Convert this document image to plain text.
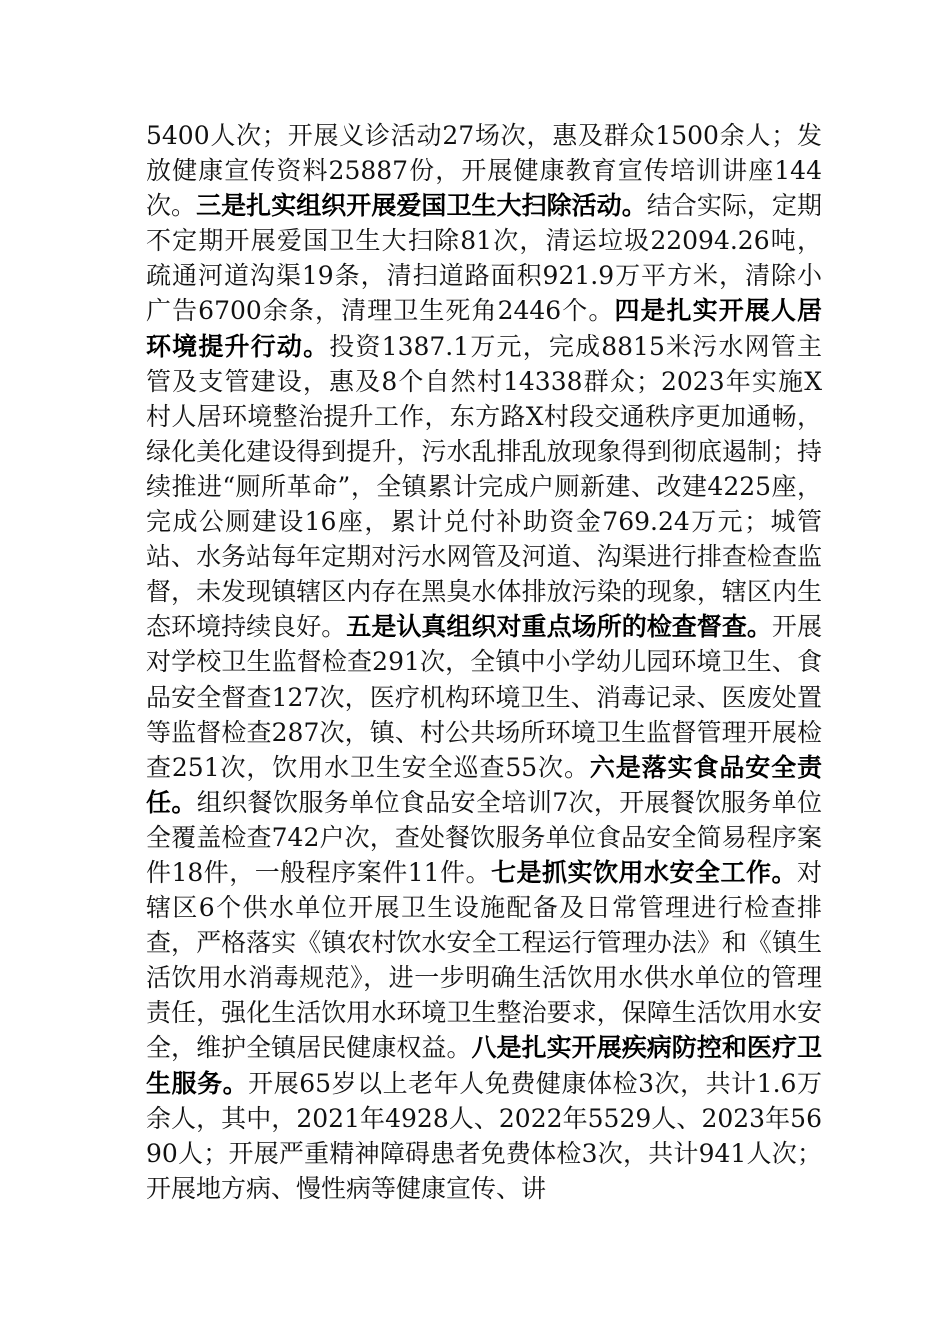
5400人次；开展义诊活动27场次，惠及群众1500余人；发放健康宣传资料25887份，开展健康教育宣传培训讲座144次。三是扎实组织开展爱国卫生大扫除活动。结合实际，定期不定期开展爱国卫生大扫除81次，清运垃圾22094.26吨，疏通河道沟渠19条，清扫道路面积921.9万平方米，清除小广告6700余条，清理卫生死角2446个。四是扎实开展人居环境提升行动。投资1387.1万元，完成8815米污水网管主管及支管建设，惠及8个自然村14338群众；2023年实施X村人居环境整治提升工作，东方路X村段交通秩序更加通畅，绿化美化建设得到提升，污水乱排乱放现象得到彻底遏制；持续推进“厕所革命”，全镇累计完成户厕新建、改建4225座，完成公厕建设16座，累计兑付补助资金769.24万元；城管站、水务站每年定期对污水网管及河道、沟渠进行排查检查监督，未发现镇辖区内存在黑臭水体排放污染的现象，辖区内生态环境持续良好。五是认真组织对重点场所的检查督查。开展对学校卫生监督检查291次，全镇中小学幼儿园环境卫生、食品安全督查127次，医疗机构环境卫生、消毒记录、医废处置等监督检查287次，镇、村公共场所环境卫生监督管理开展检查251次，饮用水卫生安全巡查55次。六是落实食品安全责任。组织餐饮服务单位食品安全培训7次，开展餐饮服务单位全覆盖检查742户次，查处餐饮服务单位食品安全简易程序案件18件，一般程序案件11件。七是抓实饮用水安全工作。对辖区6个供水单位开展卫生设施配备及日常管理进行检查排查，严格落实《镇农村饮水安全工程运行管理办法》和《镇生活饮用水消毒规范》，进一步明确生活饮用水供水单位的管理责任，强化生活饮用水环境卫生整治要求，保障生活饮用水安全，维护全镇居民健康权益。八是扎实开展疾病防控和医疗卫生服务。开展65岁以上老年人免费健康体检3次，共计1.6万余人，其中，2021年4928人、2022年5529人、2023年5690人；开展严重精神障碍患者免费体检3次，共计941人次；开展地方病、慢性病等健康宣传、讲
